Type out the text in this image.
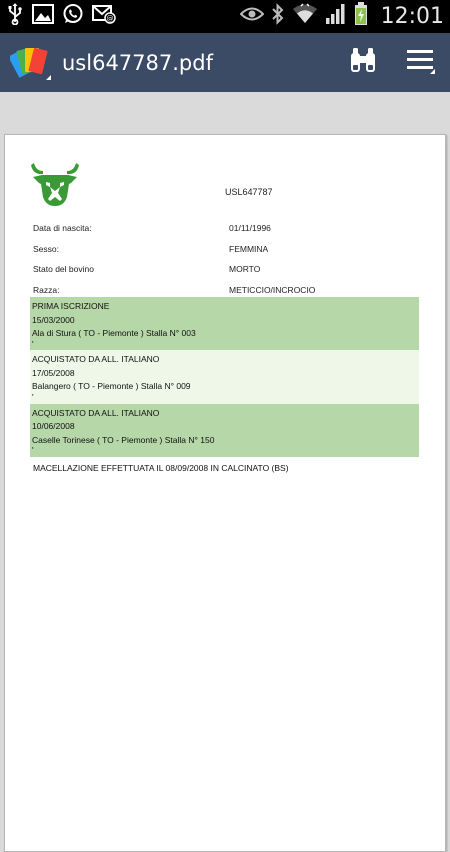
@	12:01
usl647787.pdf
USL647787
Data di nascita:	01/11/1996
Sesso:	FEMMINA
Stato del bovino	MORTO
Razza:	METICCIO/INCROCIO
PRIMA ISCRIZIONE
15/03/2000
Ala di Stura ( TO - Piemonte ) Stalla N° 003
'
ACQUISTATO DA ALL. ITALIANO
17/05/2008
Balangero ( TO - Piemonte ) Stalla N° 009
'
ACQUISTATO DA ALL. ITALIANO
10/06/2008
Caselle Torinese ( TO - Piemonte ) Stalla N° 150
'
MACELLAZIONE EFFETTUATA IL 08/09/2008 IN CALCINATO (BS)
